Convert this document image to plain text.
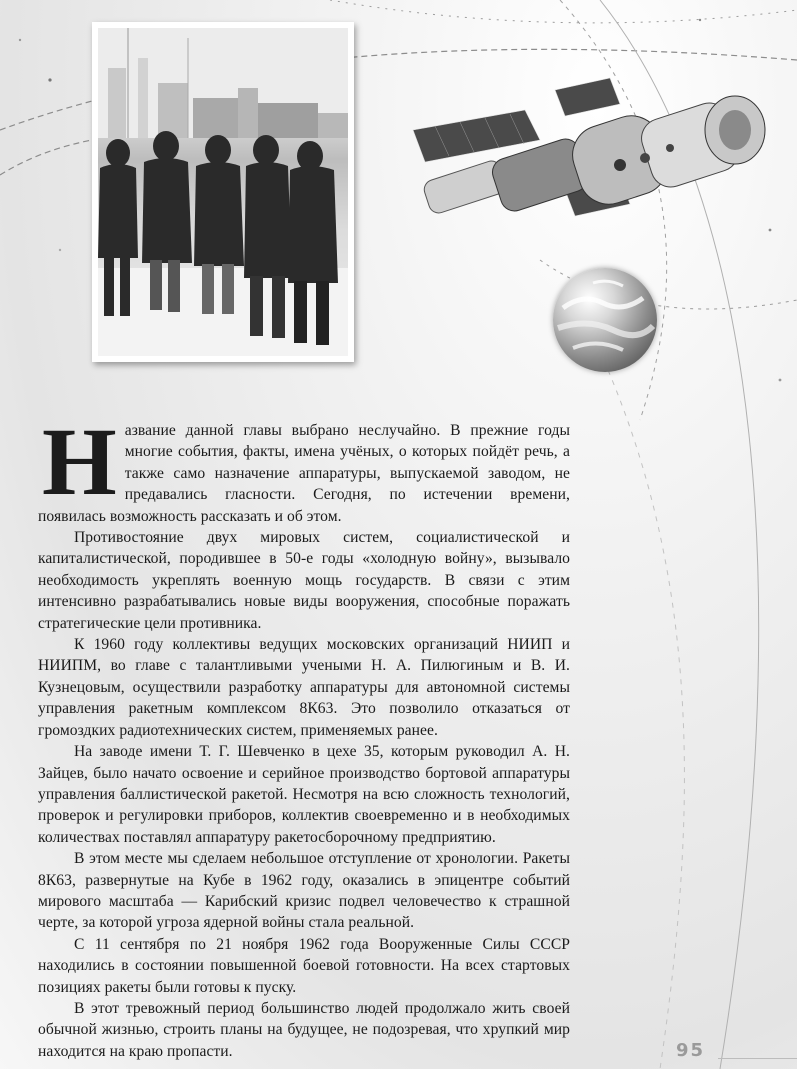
Название данной главы выбрано неслучайно. В прежние годы многие события, факты, имена учёных, о которых пойдёт речь, а также само назначение аппаратуры, выпускаемой заводом, не предавались гласности. Сегодня, по истечении времени, появилась возможность рассказать и об этом.

Противостояние двух мировых систем, социалистической и капиталистической, породившее в 50-е годы «холодную войну», вызывало необходимость укреплять военную мощь государств. В связи с этим интенсивно разрабатывались новые виды вооружения, способные поражать стратегические цели противника.

К 1960 году коллективы ведущих московских организаций НИИП и НИИПМ, во главе с талантливыми учеными Н. А. Пилюгиным и В. И. Кузнецовым, осуществили разработку аппаратуры для автономной системы управления ракетным комплексом 8К63. Это позволило отказаться от громоздких радиотехнических систем, применяемых ранее.

На заводе имени Т. Г. Шевченко в цехе 35, которым руководил А. Н. Зайцев, было начато освоение и серийное производство бортовой аппаратуры управления баллистической ракетой. Несмотря на всю сложность технологий, проверок и регулировки приборов, коллектив своевременно и в необходимых количествах поставлял аппаратуру ракетосборочному предприятию.

В этом месте мы сделаем небольшое отступление от хронологии. Ракеты 8К63, развернутые на Кубе в 1962 году, оказались в эпицентре событий мирового масштаба — Карибский кризис подвел человечество к страшной черте, за которой угроза ядерной войны стала реальной.

С 11 сентября по 21 ноября 1962 года Вооруженные Силы СССР находились в состоянии повышенной боевой готовности. На всех стартовых позициях ракеты были готовы к пуску.

В этот тревожный период большинство людей продолжало жить своей обычной жизнью, строить планы на будущее, не подозревая, что хрупкий мир находится на краю пропасти.	95
